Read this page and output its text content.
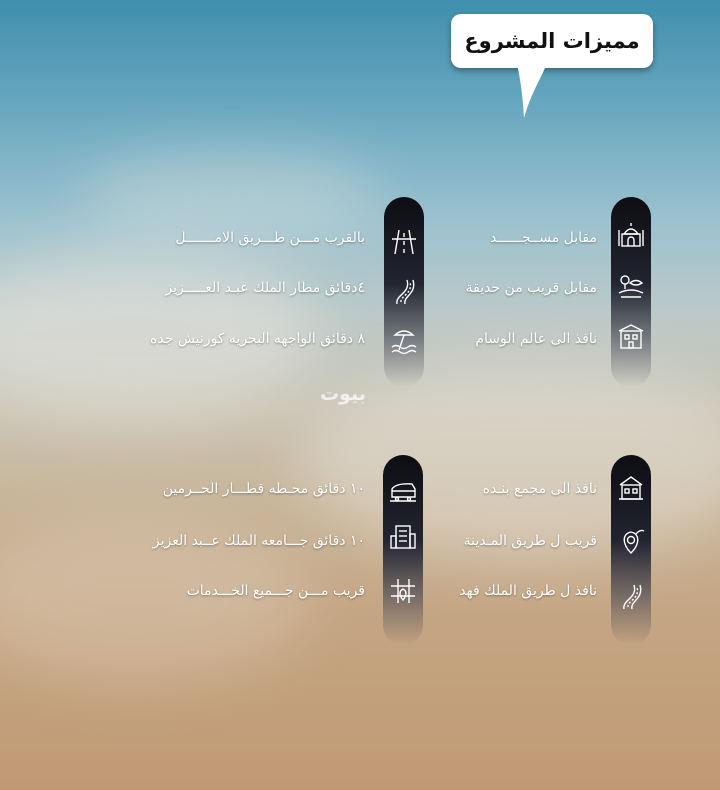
مميزات المشروع
مقابل مســجــــــد
مقابل قريب من حديقة
نافذ الى عالم الوسام
بالقرب مـــن طـــريق الامـــــــل
٤دقائق مطار الملك عبـد العـــــزيز
٨ دقائق الواجهه البحريه كورنيش جده
بيوت
نافذ الى مجمع بنـده
قريب ل طريق المـدينة
نافذ ل طريق الملك فهد
١٠ دقائق محـطه قطـــار الحــرمين
١٠ دقائق جـــامعه الملك عــبد العزيز
قريب مـــن جـــميع الخـــدمات
